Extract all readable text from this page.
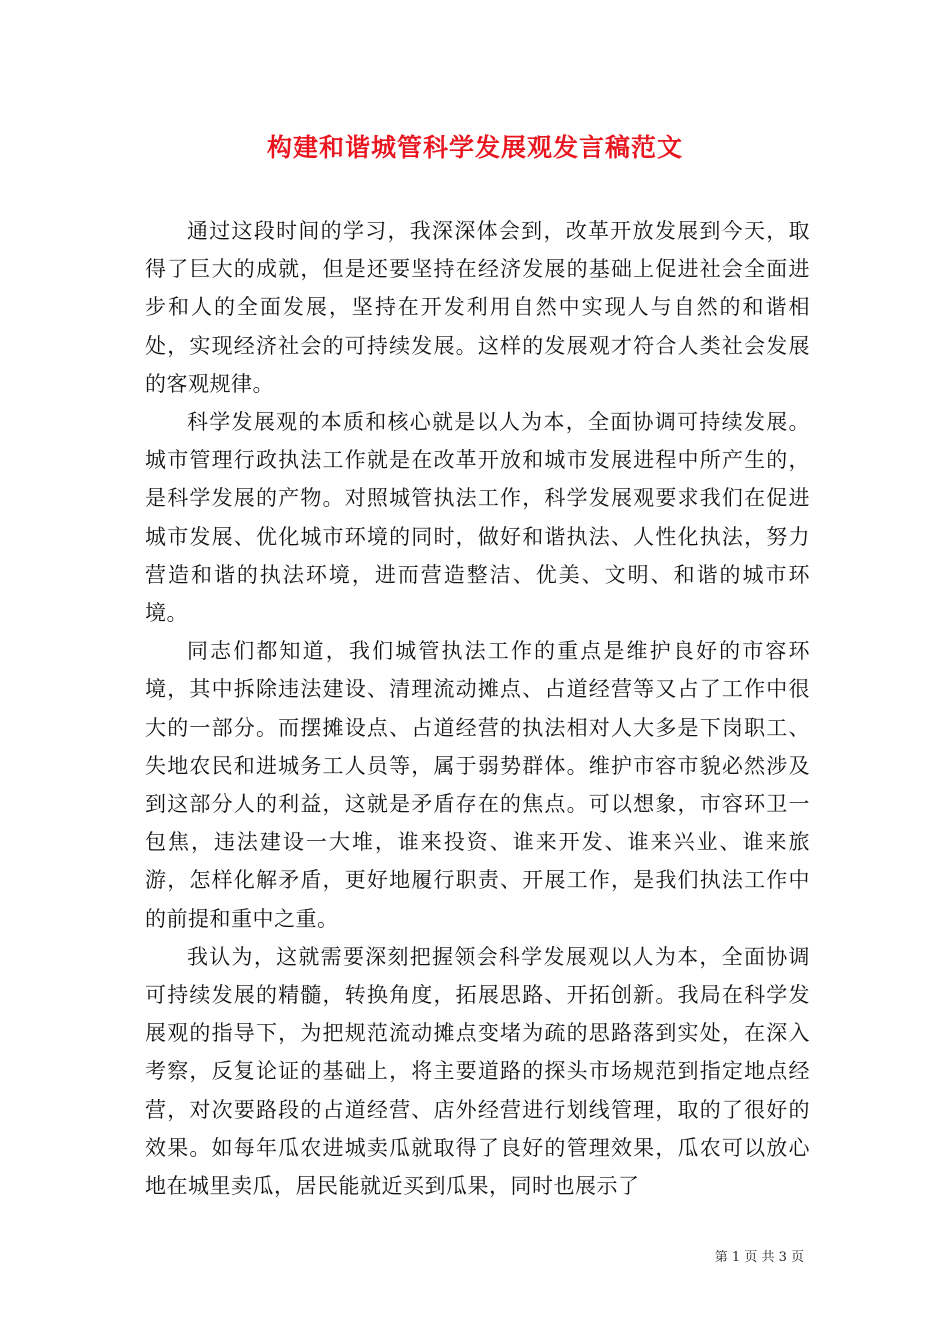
构建和谐城管科学发展观发言稿范文

通过这段时间的学习，我深深体会到，改革开放发展到今天，取得了巨大的成就，但是还要坚持在经济发展的基础上促进社会全面进步和人的全面发展，坚持在开发利用自然中实现人与自然的和谐相处，实现经济社会的可持续发展。这样的发展观才符合人类社会发展的客观规律。

科学发展观的本质和核心就是以人为本，全面协调可持续发展。城市管理行政执法工作就是在改革开放和城市发展进程中所产生的，是科学发展的产物。对照城管执法工作，科学发展观要求我们在促进城市发展、优化城市环境的同时，做好和谐执法、人性化执法，努力营造和谐的执法环境，进而营造整洁、优美、文明、和谐的城市环境。

同志们都知道，我们城管执法工作的重点是维护良好的市容环境，其中拆除违法建设、清理流动摊点、占道经营等又占了工作中很大的一部分。而摆摊设点、占道经营的执法相对人大多是下岗职工、失地农民和进城务工人员等，属于弱势群体。维护市容市貌必然涉及到这部分人的利益，这就是矛盾存在的焦点。可以想象，市容环卫一包焦，违法建设一大堆，谁来投资、谁来开发、谁来兴业、谁来旅游，怎样化解矛盾，更好地履行职责、开展工作，是我们执法工作中的前提和重中之重。

我认为，这就需要深刻把握领会科学发展观以人为本，全面协调可持续发展的精髓，转换角度，拓展思路、开拓创新。我局在科学发展观的指导下，为把规范流动摊点变堵为疏的思路落到实处，在深入考察，反复论证的基础上，将主要道路的探头市场规范到指定地点经营，对次要路段的占道经营、店外经营进行划线管理，取的了很好的效果。如每年瓜农进城卖瓜就取得了良好的管理效果，瓜农可以放心地在城里卖瓜，居民能就近买到瓜果，同时也展示了

第 1 页 共 3 页
